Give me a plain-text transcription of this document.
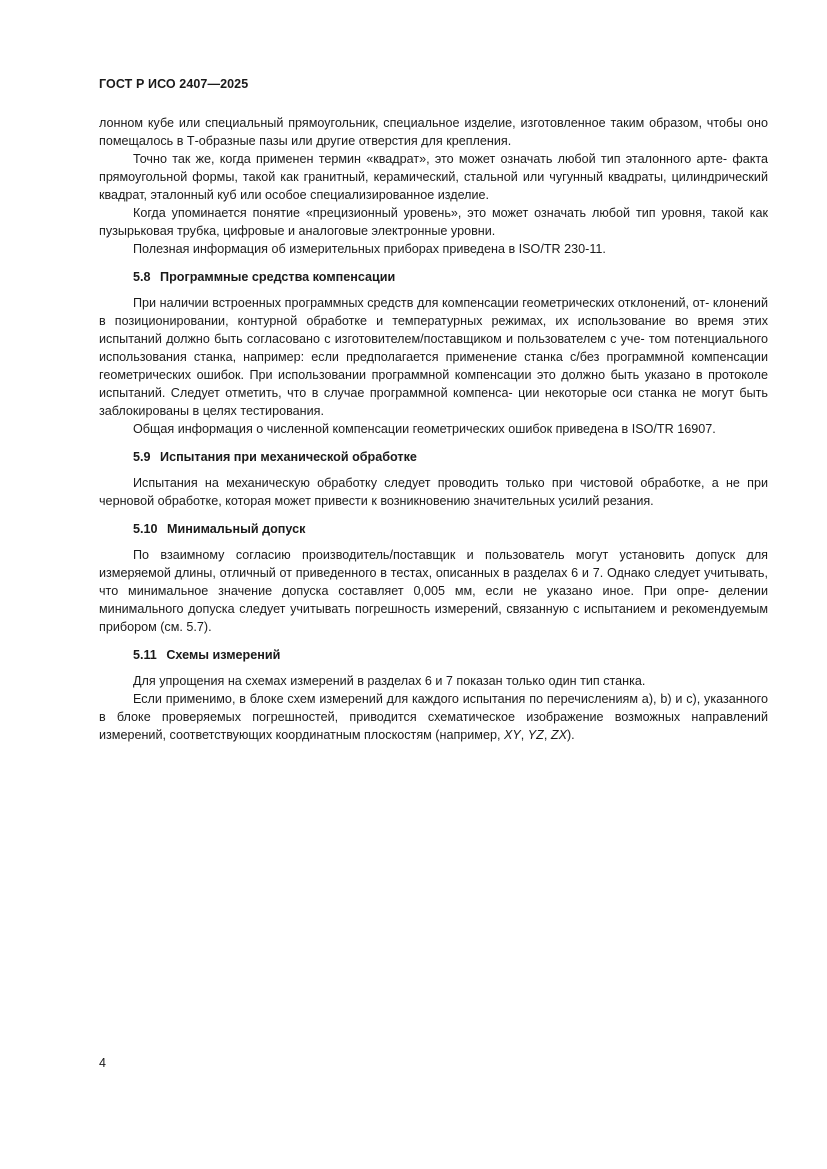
ГОСТ Р ИСО 2407—2025

лонном кубе или специальный прямоугольник, специальное изделие, изготовленное таким образом, чтобы оно помещалось в Т-образные пазы или другие отверстия для крепления.

Точно так же, когда применен термин «квадрат», это может означать любой тип эталонного арте- факта прямоугольной формы, такой как гранитный, керамический, стальной или чугунный квадраты, цилиндрический квадрат, эталонный куб или особое специализированное изделие.

Когда упоминается понятие «прецизионный уровень», это может означать любой тип уровня, такой как пузырьковая трубка, цифровые и аналоговые электронные уровни.

Полезная информация об измерительных приборах приведена в ISO/TR 230-11.

5.8 Программные средства компенсации

При наличии встроенных программных средств для компенсации геометрических отклонений, от- клонений в позиционировании, контурной обработке и температурных режимах, их использование во время этих испытаний должно быть согласовано с изготовителем/поставщиком и пользователем с уче- том потенциального использования станка, например: если предполагается применение станка с/без программной компенсации геометрических ошибок. При использовании программной компенсации это должно быть указано в протоколе испытаний. Следует отметить, что в случае программной компенса- ции некоторые оси станка не могут быть заблокированы в целях тестирования.

Общая информация о численной компенсации геометрических ошибок приведена в ISO/TR 16907.

5.9 Испытания при механической обработке

Испытания на механическую обработку следует проводить только при чистовой обработке, а не при черновой обработке, которая может привести к возникновению значительных усилий резания.

5.10 Минимальный допуск

По взаимному согласию производитель/поставщик и пользователь могут установить допуск для измеряемой длины, отличный от приведенного в тестах, описанных в разделах 6 и 7. Однако следует учитывать, что минимальное значение допуска составляет 0,005 мм, если не указано иное. При опре- делении минимального допуска следует учитывать погрешность измерений, связанную с испытанием и рекомендуемым прибором (см. 5.7).

5.11 Схемы измерений

Для упрощения на схемах измерений в разделах 6 и 7 показан только один тип станка.

Если применимо, в блоке схем измерений для каждого испытания по перечислениям а), b) и с), указанного в блоке проверяемых погрешностей, приводится схематическое изображение возможных направлений измерений, соответствующих координатным плоскостям (например, XY, YZ, ZX).

4
